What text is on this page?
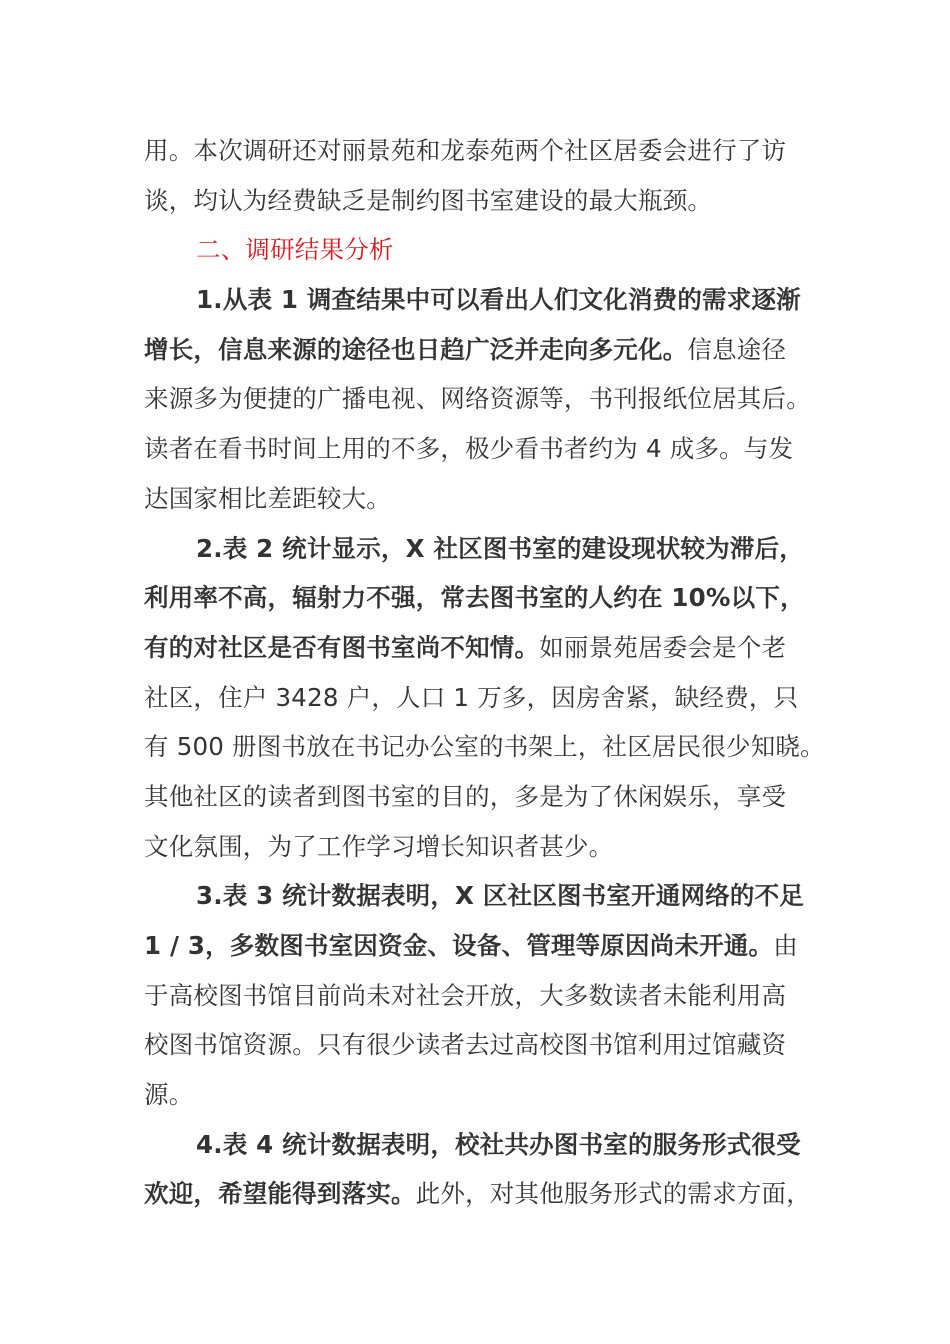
用。本次调研还对丽景苑和龙泰苑两个社区居委会进行了访
谈，均认为经费缺乏是制约图书室建设的最大瓶颈。
二、调研结果分析
1.从表 1 调查结果中可以看出人们文化消费的需求逐渐
增长，信息来源的途径也日趋广泛并走向多元化。信息途径
来源多为便捷的广播电视、网络资源等，书刊报纸位居其后。
读者在看书时间上用的不多，极少看书者约为 4 成多。与发
达国家相比差距较大。
2.表 2 统计显示，X 社区图书室的建设现状较为滞后，
利用率不高，辐射力不强，常去图书室的人约在 10%以下，
有的对社区是否有图书室尚不知情。如丽景苑居委会是个老
社区，住户 3428 户，人口 1 万多，因房舍紧，缺经费，只
有 500 册图书放在书记办公室的书架上，社区居民很少知晓。
其他社区的读者到图书室的目的，多是为了休闲娱乐，享受
文化氛围，为了工作学习增长知识者甚少。
3.表 3 统计数据表明，X 区社区图书室开通网络的不足
1 / 3，多数图书室因资金、设备、管理等原因尚未开通。由
于高校图书馆目前尚未对社会开放，大多数读者未能利用高
校图书馆资源。只有很少读者去过高校图书馆利用过馆藏资
源。
4.表 4 统计数据表明，校社共办图书室的服务形式很受
欢迎，希望能得到落实。此外，对其他服务形式的需求方面，
